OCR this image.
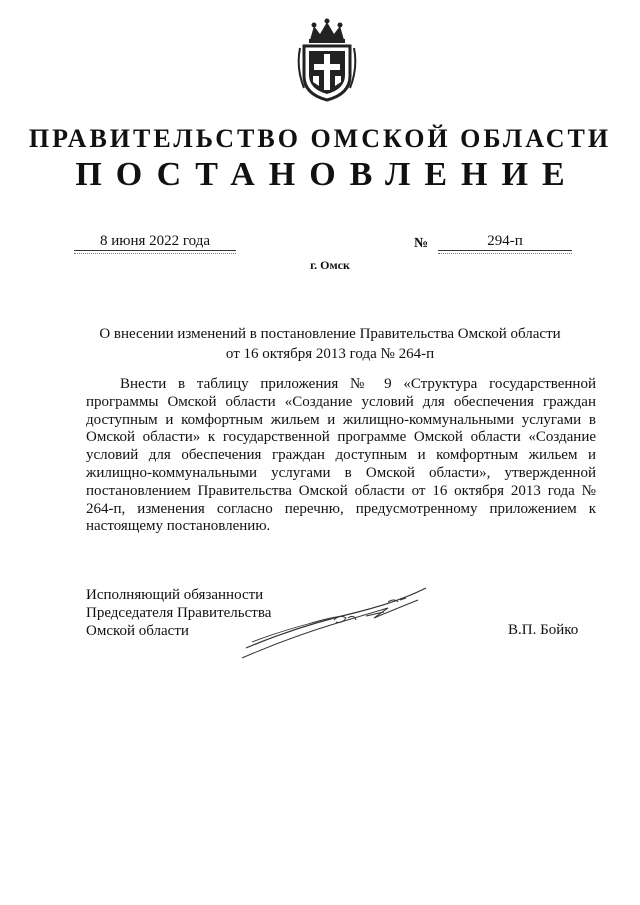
ПРАВИТЕЛЬСТВО ОМСКОЙ ОБЛАСТИ
ПОСТАНОВЛЕНИЕ
8 июня 2022 года	№	294-п
г. Омск
О внесении изменений в постановление Правительства Омской области
от 16 октября 2013 года № 264-п

Внести в таблицу приложения № 9 «Структура государственной программы Омской области «Создание условий для обеспечения граждан доступным и комфортным жильем и жилищно-коммунальными услугами в Омской области» к государственной программе Омской области «Создание условий для обеспечения граждан доступным и комфортным жильем и жилищно-коммунальными услугами в Омской области», утвержденной постановлением Правительства Омской области от 16 октября 2013 года № 264-п, изменения согласно перечню, предусмотренному приложением к настоящему постановлению.

Исполняющий обязанности
Председателя Правительства
Омской области	В.П. Бойко
